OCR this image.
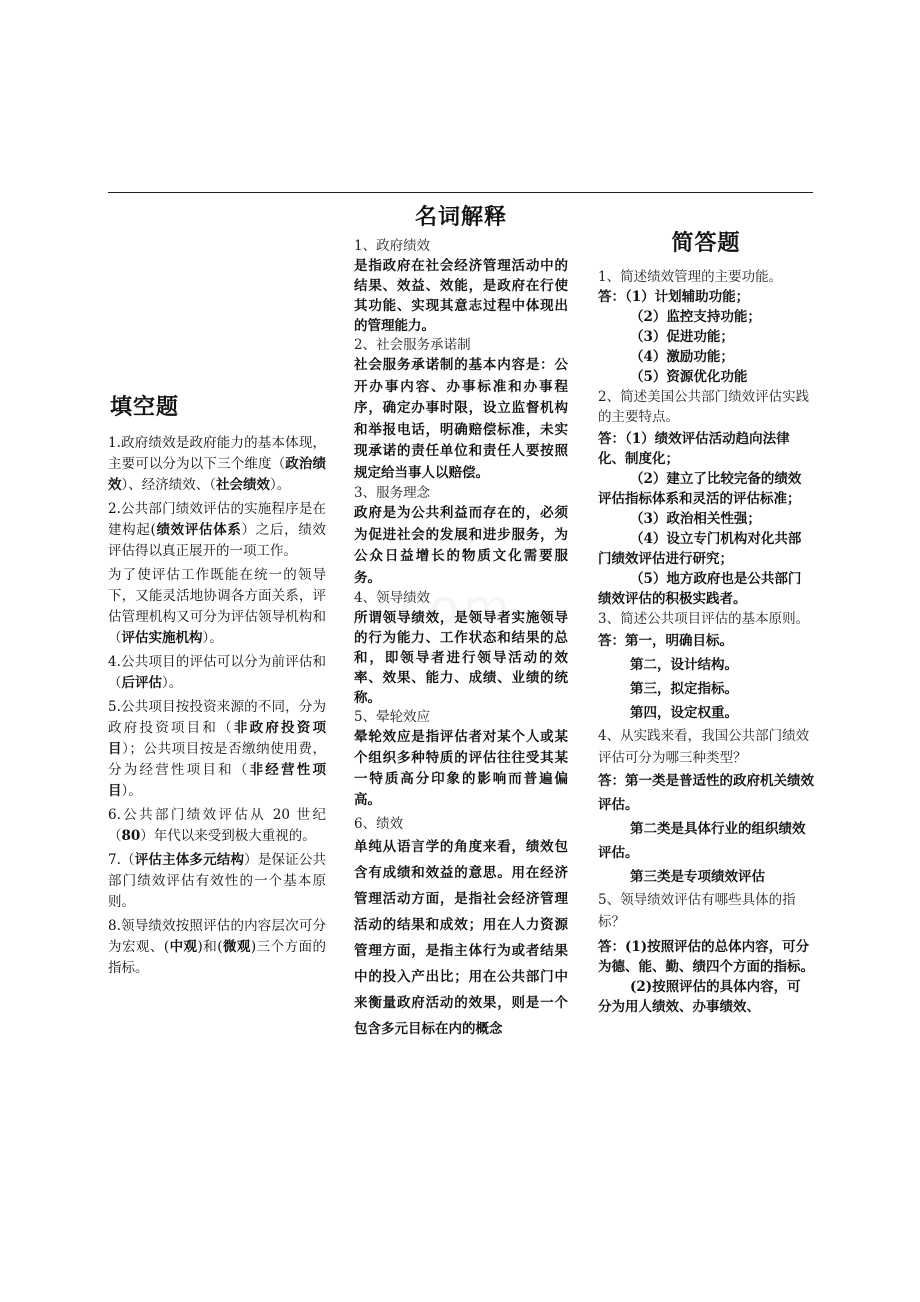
填空题

1.政府绩效是政府能力的基本体现，主要可以分为以下三个维度（政治绩效）、经济绩效、（社会绩效）。

2.公共部门绩效评估的实施程序是在建构起(绩效评估体系）之后，绩效评估得以真正展开的一项工作。

为了使评估工作既能在统一的领导下，又能灵活地协调各方面关系，评估管理机构又可分为评估领导机构和（评估实施机构）。

4.公共项目的评估可以分为前评估和（后评估）。

5.公共项目按投资来源的不同，分为政府投资项目和（非政府投资项目）；公共项目按是否缴纳使用费，分为经营性项目和（非经营性项目）。

6.公共部门绩效评估从 20 世纪（80）年代以来受到极大重视的。

7.（评估主体多元结构）是保证公共部门绩效评估有效性的一个基本原则。

8.领导绩效按照评估的内容层次可分为宏观、(中观)和(微观)三个方面的指标。

名词解释

1、政府绩效

是指政府在社会经济管理活动中的结果、效益、效能，是政府在行使其功能、实现其意志过程中体现出的管理能力。

2、社会服务承诺制

社会服务承诺制的基本内容是：公开办事内容、办事标准和办事程序，确定办事时限，设立监督机构和举报电话，明确赔偿标准，未实现承诺的责任单位和责任人要按照规定给当事人以赔偿。

3、服务理念

政府是为公共利益而存在的，必须为促进社会的发展和进步服务，为公众日益增长的物质文化需要服务。

4、领导绩效

所谓领导绩效，是领导者实施领导的行为能力、工作状态和结果的总和，即领导者进行领导活动的效率、效果、能力、成绩、业绩的统称。

5、晕轮效应

晕轮效应是指评估者对某个人或某个组织多种特质的评估往往受其某一特质高分印象的影响而普遍偏高。

6、绩效

单纯从语言学的角度来看，绩效包含有成绩和效益的意思。用在经济管理活动方面，是指社会经济管理活动的结果和成效；用在人力资源管理方面，是指主体行为或者结果中的投入产出比；用在公共部门中来衡量政府活动的效果，则是一个包含多元目标在内的概念

简答题

1、简述绩效管理的主要功能。

答：（1）计划辅助功能；

（2）监控支持功能；

（3）促进功能；

（4）激励功能；

（5）资源优化功能

2、简述美国公共部门绩效评估实践的主要特点。

答：（1）绩效评估活动趋向法律化、制度化；

（2）建立了比较完备的绩效评估指标体系和灵活的评估标准；

（3）政治相关性强；

（4）设立专门机构对化共部门绩效评估进行研究；

（5）地方政府也是公共部门绩效评估的积极实践者。

3、简述公共项目评估的基本原则。

答：第一，明确目标。

第二，设计结构。

第三，拟定指标。

第四，设定权重。

4、从实践来看，我国公共部门绩效评估可分为哪三种类型？

答：第一类是普适性的政府机关绩效评估。

第二类是具体行业的组织绩效评估。

第三类是专项绩效评估

5、领导绩效评估有哪些具体的指标？

答：(1)按照评估的总体内容，可分为德、能、勤、绩四个方面的指标。

(2)按照评估的具体内容，可分为用人绩效、办事绩效、
